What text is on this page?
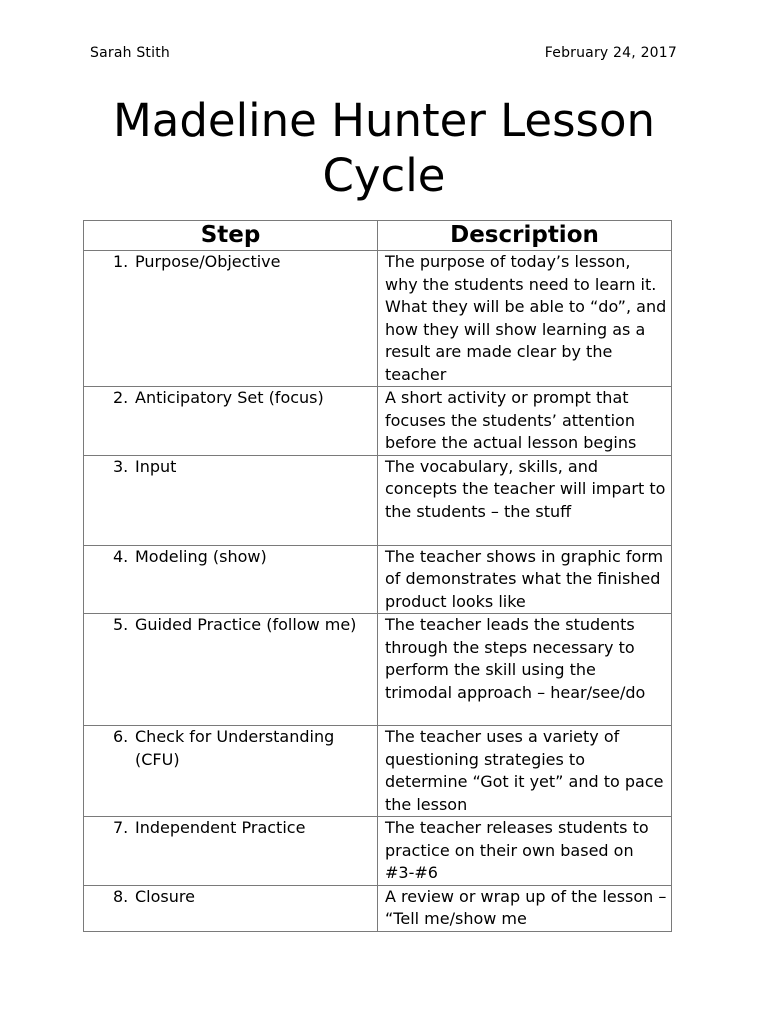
Sarah Stith	February 24, 2017
Madeline Hunter Lesson Cycle
Step	Description

1. Purpose/Objective	The purpose of today’s lesson, why the students need to learn it. What they will be able to “do”, and how they will show learning as a result are made clear by the teacher

2. Anticipatory Set (focus)	A short activity or prompt that focuses the students’ attention before the actual lesson begins

3. Input	The vocabulary, skills, and concepts the teacher will impart to the students – the stuff

4. Modeling (show)	The teacher shows in graphic form of demonstrates what the finished product looks like

5. Guided Practice (follow me)	The teacher leads the students through the steps necessary to perform the skill using the trimodal approach – hear/see/do

6. Check for Understanding (CFU)	The teacher uses a variety of questioning strategies to determine “Got it yet” and to pace the lesson

7. Independent Practice	The teacher releases students to practice on their own based on #3-#6

8. Closure	A review or wrap up of the lesson – “Tell me/show me
